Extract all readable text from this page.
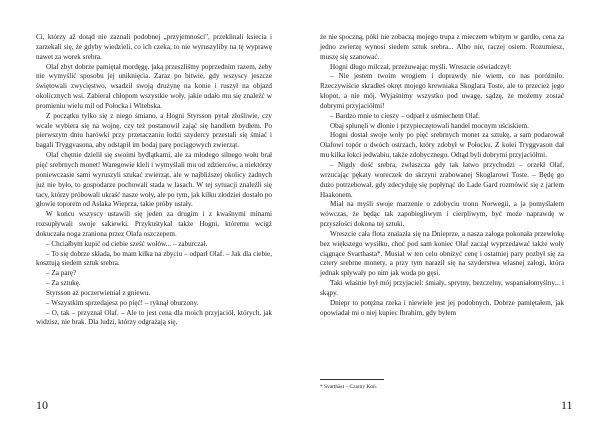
Ci, którzy až dotąd nie zaznali podobnej „przyjemności", przeklinali ksiecia i zarzekali się, że gdyby wiedzieli, co ich czeka, to nie wyruszyliby na tę wyprawę nawet za worek srebra.

Olaf zbyt dobrze pamiętał mordęgę, jaką przeszliśmy poprzednim razem, żeby nie wymyślić sposobu jej uniknięcia. Zaraz po bitwie, gdy wszyscy jeszcze świętowali zwycięstwo, wsadził swoją drużynę na konie i ruszył na objazd okolicznych wsi. Zabierał chłopom wszystkie woły, jakie udało mu się znaleźć w promieniu wielu mil od Połocka i Witebska.

Z początku tylko się z niego śmiano, a Hogni Styrsson pytał złośliwie, czy wcale wybiera się na wojnę, czy też postanowił zająć się handlem bydłem. Po pierwszym dniu harówki przy przetaczaniu łodzi szydercy przestali się śmiać i bagali Tryggvasona, aby odstąpił im bodaj parę pociągowych zwierząt.

Olaf chętnie dzielił się swoimi bydlątkami, ale za młodego silnego wołu brał pięć srebrnych monet! Waregowie kleli i wymyślali mu od zdzierców, a niektórzy poniewczasie sami wyruszyli szukać zwierząt, ale w najbliższej okolicy żadnych już nie było, to gospodarze pochowali stada w lasach. W tej sytuacji znaleźli się tacy, którzy próbowali ukraść nasze woły, ale po tym, jak kilku złodziei dostało po głowie toporem od Aslaka Wieprza, takie próby ustały.

W końcu wszyscy ustawili się jeden za drugim i z kwaśnymi minami rozsupływali swoje sakiewki. Przykuśtykał także Hogni, któremu wcigż dokuczała noga zraniona przez Olafa oszczepem.

– Chciałbym kupić od ciebie sześć wołów... – zaburczał.

– To się dobrze składa, bo mam kilka na zbyciu – odparł Olaf. – Jak dla ciebie, kosztują siedem sztuk srebra.

– Za parę?

– Za sztukę.

Styrsson aż poczerwieniał z gniewu.

– Wszystkim sprzedajesz po pięć! – ryknął oburzony.

– O, tak – przyznał Olaf. – Ale to jest cena dla moich przyjaciół, których, jak widzisz, nie brak. Dla ludzi, którzy odgrażają się,

10

że nie spoczną, póki nie zobaczą mojego trupa z mieczem wbitym w gardło, cena za jedno zwierzę wynosi siedem sztuk srebra... Albo nie, raczej osiem. Rozumiesz, muszę się szanować.

Hogni długo milczał, przeżuwając myśli. Wreszcie oświadczył:

– Nie jestem twoim wrogiem i doprawdy nie wiem, co nas poróżniło. Rzeczywiście skradłeś okręt mojego krewniaka Skoglara Toste, ale to przecież jego kłopot, a nie mój. Wyjaśnimy wszystko pod uwagę, sądzę, że możemy zostać dobrymi przyjaciółmi!

– Bardzo mnie to cieszy – odparł z uśmiechem Olaf.

Obaj splunęli w dłonie i przypieczętowali handel mocnym uściskiem.

Hogni dostał swoje woły po pięć srebrnych monet za sztukę, a sam podarował Olafowi topór o dwóch ostrzach, który zdobył w Połocku. Z kolei Tryggvason dał mu kilka łokci jedwabiu, także zdobycznego. Odtąd byli dobrymi przyjaciółmi.

– Nigdy dość srebra, zwłaszcza gdy tak łatwo przychodzi – orzekł Olaf, wrzucając pękaty woreczek do skrzyni zrabowanej Skoglarowi Toste. – Będę go dużo potrzebował, gdy zdecyduję się popłynąć do Lade Gard rozmówić się z jarlem Haakonem.

Miał na myśli swoje marzenie o zdobyciu tronu Norwegii, a ja pomyślałem wówczas, że będąc tak zapobiegliwym i cierpliwym, być może naprawdę w przyszłości dokona tej sztuki.

Wreszcie cała flota znalazła się na Dnieprze, a nasza załoga pokonała przewłokę bez większego wysiłku, choć pod sam koniec Olaf zaczął wyprzedawać także woły ciągnące Svarthasta*. Musiał w ten celu obniżyć cenę i ostatniej pary pozbył się za cztery srebrne monety, a przy tym naraził się na szyderstwa własnej załogi, która jednak spływały po nim jak woda po gęsi.

Taki właśnie był mój przyjaciel: śmiały, sprytny, bezczelny, wspaniałomyślny... i skąpy.

Dniepr to potężna rzeka i niewiele jest jej podobnych. Dobrze pamiętałem, jak opowiadał mi o niej kupiec Ibrahim, gdy byłem

* Svarthäst – Czarny Koń.
11
